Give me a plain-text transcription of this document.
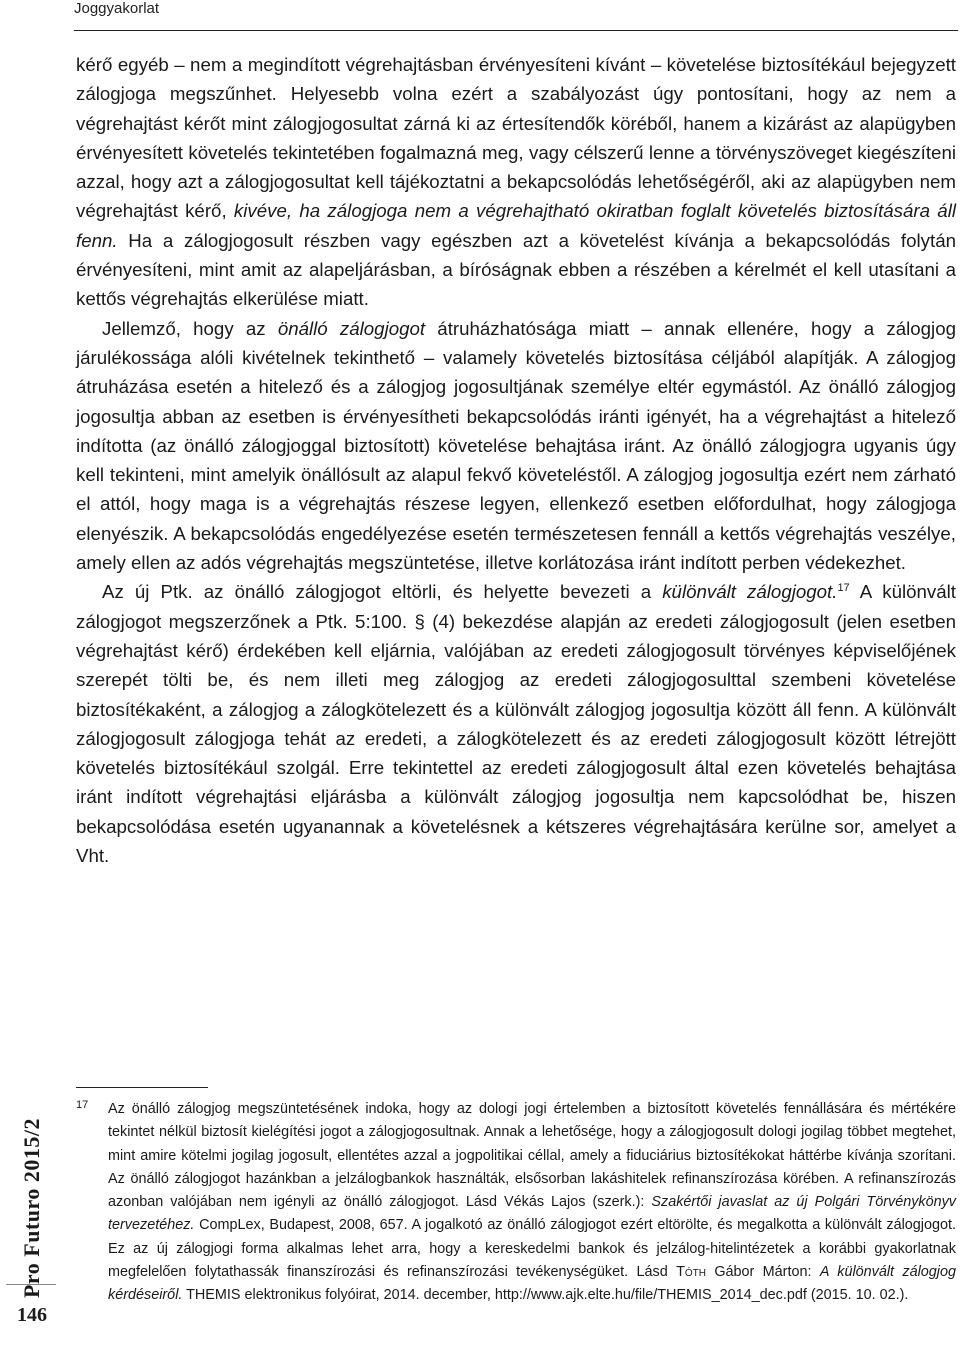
Joggyakorlat
Pro Futuro 2015/2
146

kérő egyéb – nem a megindított végrehajtásban érvényesíteni kívánt – követelése biztosítékául bejegyzett zálogjoga megszűnhet. Helyesebb volna ezért a szabályozást úgy pontosítani, hogy az nem a végrehajtást kérőt mint zálogjogosultat zárná ki az értesítendők köréből, hanem a kizárást az alapügyben érvényesített követelés tekintetében fogalmazná meg, vagy célszerű lenne a törvényszöveget kiegészíteni azzal, hogy azt a zálogjogosultat kell tájékoztatni a bekapcsolódás lehetőségéről, aki az alapügyben nem végrehajtást kérő, kivéve, ha zálogjoga nem a végrehajtható okiratban foglalt követelés biztosítására áll fenn. Ha a zálogjogosult részben vagy egészben azt a követelést kívánja a bekapcsolódás folytán érvényesíteni, mint amit az alapeljárásban, a bíróságnak ebben a részében a kérelmét el kell utasítani a kettős végrehajtás elkerülése miatt.

Jellemző, hogy az önálló zálogjogot átruházhatósága miatt – annak ellenére, hogy a zálogjog járulékossága alóli kivételnek tekinthető – valamely követelés biztosítása céljából alapítják. A zálogjog átruházása esetén a hitelező és a zálogjog jogosultjának személye eltér egymástól. Az önálló zálogjog jogosultja abban az esetben is érvényesítheti bekapcsolódás iránti igényét, ha a végrehajtást a hitelező indította (az önálló zálogjoggal biztosított) követelése behajtása iránt. Az önálló zálogjogra ugyanis úgy kell tekinteni, mint amelyik önállósult az alapul fekvő követeléstől. A zálogjog jogosultja ezért nem zárható el attól, hogy maga is a végrehajtás részese legyen, ellenkező esetben előfordulhat, hogy zálogjoga elenyészik. A bekapcsolódás engedélyezése esetén természetesen fennáll a kettős végrehajtás veszélye, amely ellen az adós végrehajtás megszüntetése, illetve korlátozása iránt indított perben védekezhet.

Az új Ptk. az önálló zálogjogot eltörli, és helyette bevezeti a különvált zálogjogot.$^{17}$ A különvált zálogjogot megszerzőnek a Ptk. 5:100. § (4) bekezdése alapján az eredeti zálogjogosult (jelen esetben végrehajtást kérő) érdekében kell eljárnia, valójában az eredeti zálogjogosult törvényes képviselőjének szerepét tölti be, és nem illeti meg zálogjog az eredeti zálogjogosulttal szembeni követelése biztosítékaként, a zálogjog a zálogkötelezett és a különvált zálogjog jogosultja között áll fenn. A különvált zálogjogosult zálogjoga tehát az eredeti, a zálogkötelezett és az eredeti zálogjogosult között létrejött követelés biztosítékául szolgál. Erre tekintettel az eredeti zálogjogosult által ezen követelés behajtása iránt indított végrehajtási eljárásba a különvált zálogjog jogosultja nem kapcsolódhat be, hiszen bekapcsolódása esetén ugyanannak a követelésnek a kétszeres végrehajtására kerülne sor, amelyet a Vht.

17 Az önálló zálogjog megszüntetésének indoka, hogy az dologi jogi értelemben a biztosított követelés fennállására és mértékére tekintet nélkül biztosít kielégítési jogot a zálogjogosultnak. Annak a lehetősége, hogy a zálogjogosult dologi jogilag többet megtehet, mint amire kötelmi jogilag jogosult, ellentétes azzal a jogpolitikai céllal, amely a fiduciárius biztosítékokat háttérbe kívánja szorítani. Az önálló zálogjogot hazánkban a jelzálogbankok használták, elsősorban lakáshitelek refinanszírozása körében. A refinanszírozás azonban valójában nem igényli az önálló zálogjogot. Lásd Vékás Lajos (szerk.): Szakértői javaslat az új Polgári Törvénykönyv tervezetéhez. CompLex, Budapest, 2008, 657. A jogalkotó az önálló zálogjogot ezért eltörölte, és megalkotta a különvált zálogjogot. Ez az új zálogjogi forma alkalmas lehet arra, hogy a kereskedelmi bankok és jelzálog-hitelintézetek a korábbi gyakorlatnak megfelelően folytathassák finanszírozási és refinanszírozási tevékenységüket. Lásd Tóth Gábor Márton: A különvált zálogjog kérdéseiről. THEMIS elektronikus folyóirat, 2014. december, http://www.ajk.elte.hu/file/THEMIS_2014_dec.pdf (2015. 10. 02.).
